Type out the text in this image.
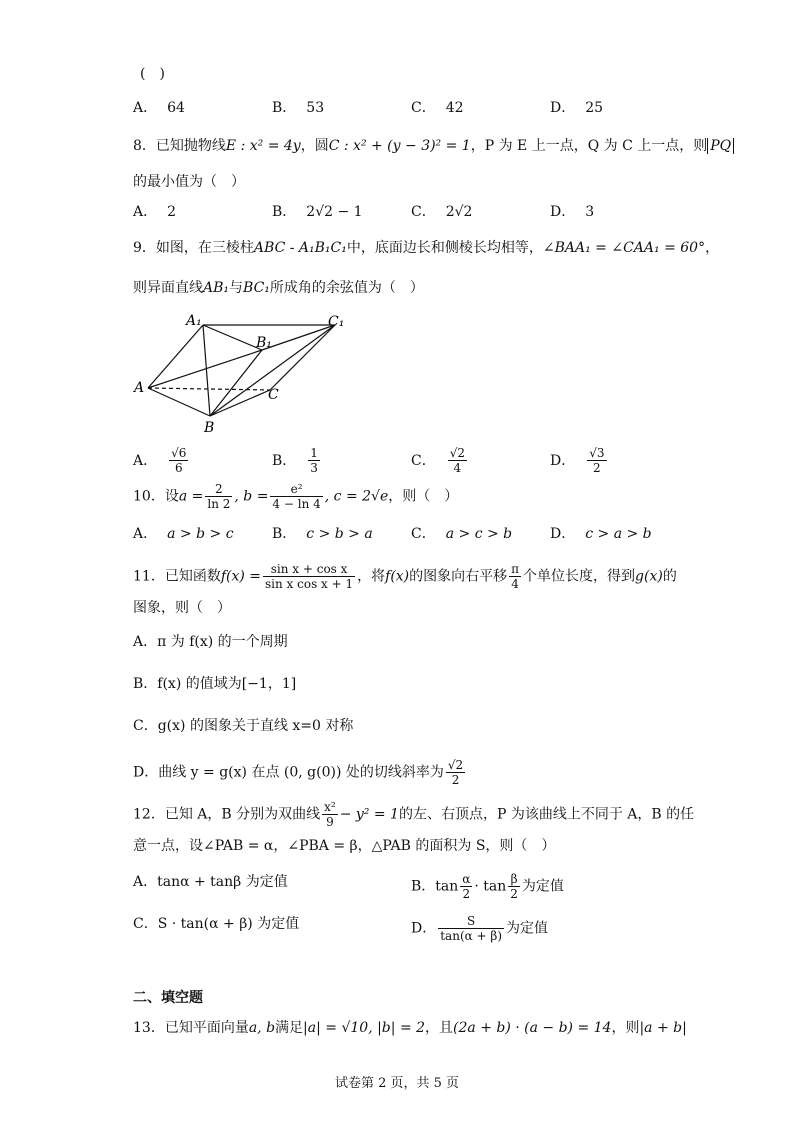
(　)
A． 64	B． 53	C． 42	D． 25
8．已知抛物线E : x² = 4y，圆C : x² + (y − 3)² = 1，P 为 E 上一点，Q 为 C 上一点，则 PQ
的最小值为（　）
A． 2	B． 2√2 − 1	C． 2√2	D． 3
9．如图，在三棱柱ABC - A₁B₁C₁中，底面边长和侧棱长均相等，∠BAA₁ = ∠CAA₁ = 60°，
则异面直线AB₁与BC₁所成角的余弦值为（　）
A₁	C₁
B₁
A	C
B
A． $\frac{√6}{6}$	B． $\frac{1}{3}$	C． $\frac{√2}{4}$	D． $\frac{√3}{2}$
10．设$a = \frac{2}{\ln 2}$ , $b = \frac{\text{e²}}{4 - \ln 4}$ , c = 2√e，则（　）
A． a > b > c	B． c > b > a	C． a > c > b	D． c > a > b
11．已知函数$f(x) = \frac{\text{sin x + cos x}}{\text{sin x cos x + 1}}$ ，将f(x)的图象向右平移 $\frac{\pi}{4}$ 个单位长度，得到g(x)的
图象，则（　）
A．π 为 f(x) 的一个周期
B．f(x) 的值域为[−1，1]
C．g(x) 的图象关于直线 x=0 对称
D．曲线 y = g(x) 在点 (0, g(0)) 处的切线斜率为 $\frac{√2}{2}$
12．已知 A，B 分别为双曲线 $\frac{\text{x²}}{9} - y^2 = 1$的左、右顶点，P 为该曲线上不同于 A，B 的任
意一点，设∠PAB = α，∠PBA = β，△PAB 的面积为 S，则（　）
A．tanα + tanβ 为定值	B．$\tan \frac{\alpha}{2} \cdot \tan \frac{\beta}{2}$ 为定值
C．S · tan(α + β) 为定值	D． $\frac{S}{\tan(\alpha + \beta)}$ 为定值
二、填空题
13．已知平面向量a, b满足|a| = √10, |b| = 2，且(2a + b) · (a − b) = 14，则|a + b|
试卷第 2 页，共 5 页
